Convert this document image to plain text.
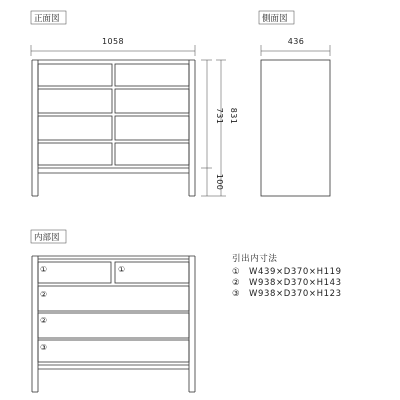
正面図
1058
731 831
100
側面図
436
内部図
①	①
②
②
③
引出内寸法
① W439×D370×H119
② W938×D370×H143
③ W938×D370×H123
